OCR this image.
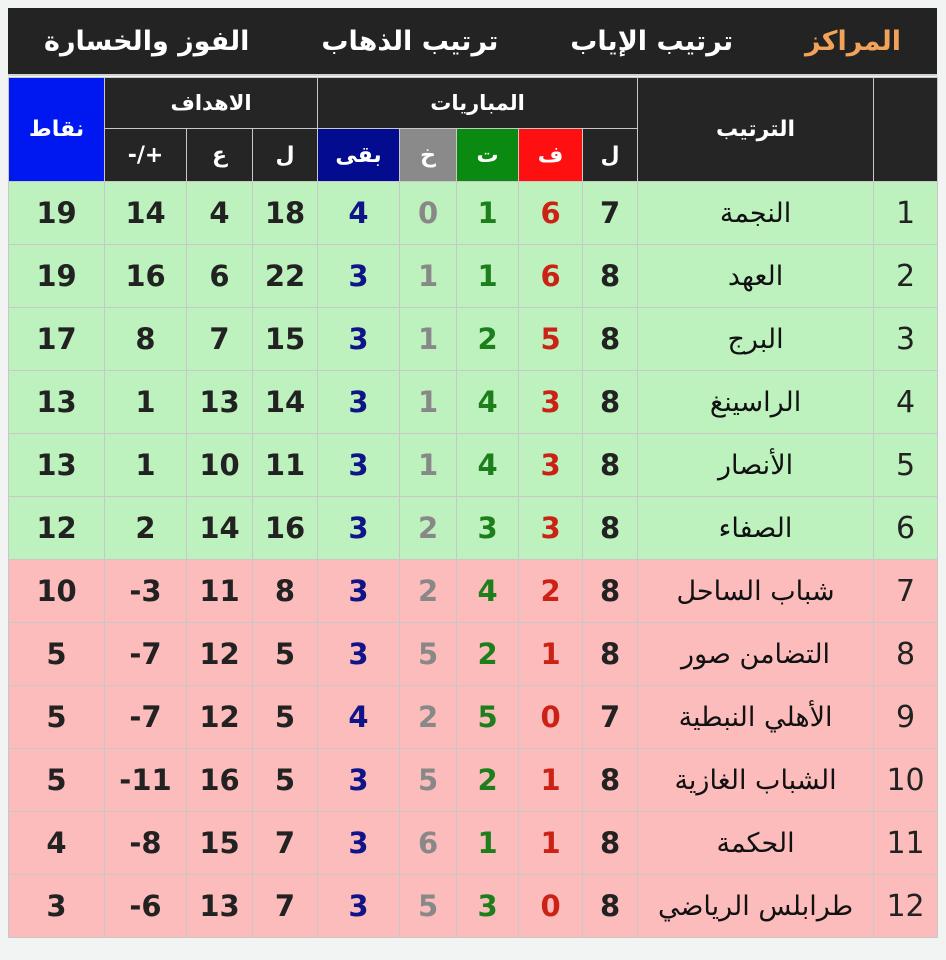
المراكز
ترتيب الإياب
ترتيب الذهاب
الفوز والخسارة
	الترتيب	المباريات					الاهداف			نقاط
		ل	ف	ت	خ	بقى	ل	ع	+/-	
1	النجمة	7	6	1	0	4	18	4	14	19
2	العهد	8	6	1	1	3	22	6	16	19
3	البرج	8	5	2	1	3	15	7	8	17
4	الراسينغ	8	3	4	1	3	14	13	1	13
5	الأنصار	8	3	4	1	3	11	10	1	13
6	الصفاء	8	3	3	2	3	16	14	2	12
7	شباب الساحل	8	2	4	2	3	8	11	3-	10
8	التضامن صور	8	1	2	5	3	5	12	7-	5
9	الأهلي النبطية	7	0	5	2	4	5	12	7-	5
10	الشباب الغازية	8	1	2	5	3	5	16	11-	5
11	الحكمة	8	1	1	6	3	7	15	8-	4
12	طرابلس الرياضي	8	0	3	5	3	7	13	6-	3
